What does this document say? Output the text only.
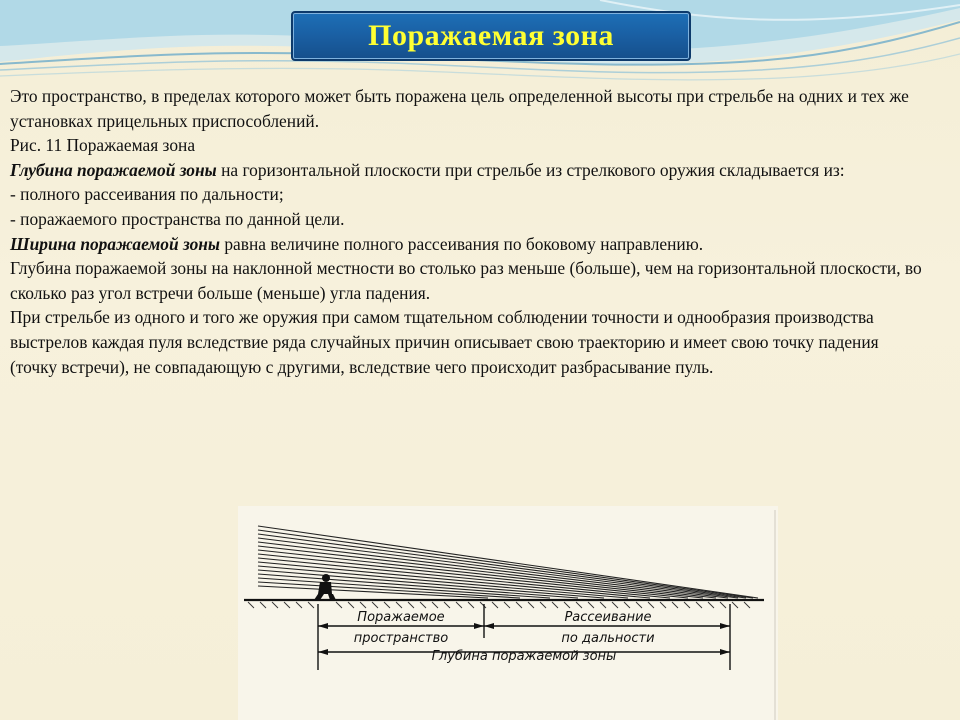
Поражаемая зона

Это пространство, в пределах которого может быть поражена цель определенной высоты при стрельбе на одних и тех же установках прицельных приспособлений.

Рис. 11 Поражаемая зона

Глубина поражаемой зоны на горизонтальной плоскости при стрельбе из стрелкового оружия складывается из:

- полного рассеивания по дальности;

- поражаемого пространства по данной цели.

Ширина поражаемой зоны равна величине полного рассеивания по боковому направлению.

Глубина поражаемой зоны на наклонной местности во столько раз меньше (больше), чем на горизонтальной плоскости, во сколько раз угол встречи больше (меньше) угла падения.

При стрельбе из одного и того же оружия при самом тщательном соблюдении точности и однообразия производства выстрелов каждая пуля вследствие ряда случайных причин описывает свою траекторию и имеет свою точку падения (точку встречи), не совпадающую с другими, вследствие чего происходит разбрасывание пуль.

Поражаемое
пространство
Рассеивание
по дальности
Глубина поражаемой зоны
